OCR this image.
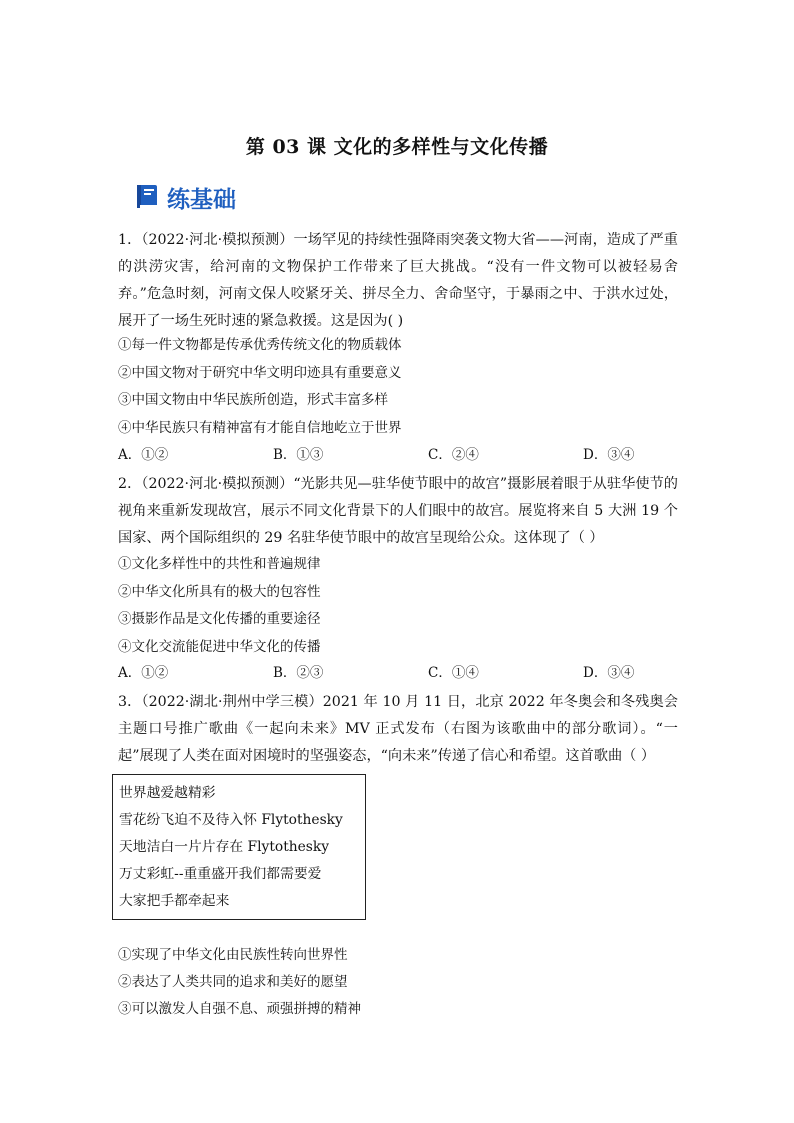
第 03 课 文化的多样性与文化传播
练基础
1．（2022·河北·模拟预测）一场罕见的持续性强降雨突袭文物大省——河南，造成了严重的洪涝灾害，给河南的文物保护工作带来了巨大挑战。“没有一件文物可以被轻易舍弃。”危急时刻，河南文保人咬紧牙关、拼尽全力、舍命坚守，于暴雨之中、于洪水过处，展开了一场生死时速的紧急救援。这是因为( )
①每一件文物都是传承优秀传统文化的物质载体
②中国文物对于研究中华文明印迹具有重要意义
③中国文物由中华民族所创造，形式丰富多样
④中华民族只有精神富有才能自信地屹立于世界
A．①②	B．①③	C．②④	D．③④
2．（2022·河北·模拟预测）“光影共见—驻华使节眼中的故宫”摄影展着眼于从驻华使节的视角来重新发现故宫，展示不同文化背景下的人们眼中的故宫。展览将来自 5 大洲 19 个国家、两个国际组织的 29 名驻华使节眼中的故宫呈现给公众。这体现了（ ）
①文化多样性中的共性和普遍规律
②中华文化所具有的极大的包容性
③摄影作品是文化传播的重要途径
④文化交流能促进中华文化的传播
A．①②	B．②③	C．①④	D．③④
3．（2022·湖北·荆州中学三模）2021 年 10 月 11 日，北京 2022 年冬奥会和冬残奥会主题口号推广歌曲《一起向未来》MV 正式发布（右图为该歌曲中的部分歌词）。“一起”展现了人类在面对困境时的坚强姿态，“向未来”传递了信心和希望。这首歌曲（ ）
世界越爱越精彩
雪花纷飞迫不及待入怀 Flytothesky
天地洁白一片片存在 Flytothesky
万丈彩虹--重重盛开我们都需要爱
大家把手都牵起来
①实现了中华文化由民族性转向世界性
②表达了人类共同的追求和美好的愿望
③可以激发人自强不息、顽强拼搏的精神
